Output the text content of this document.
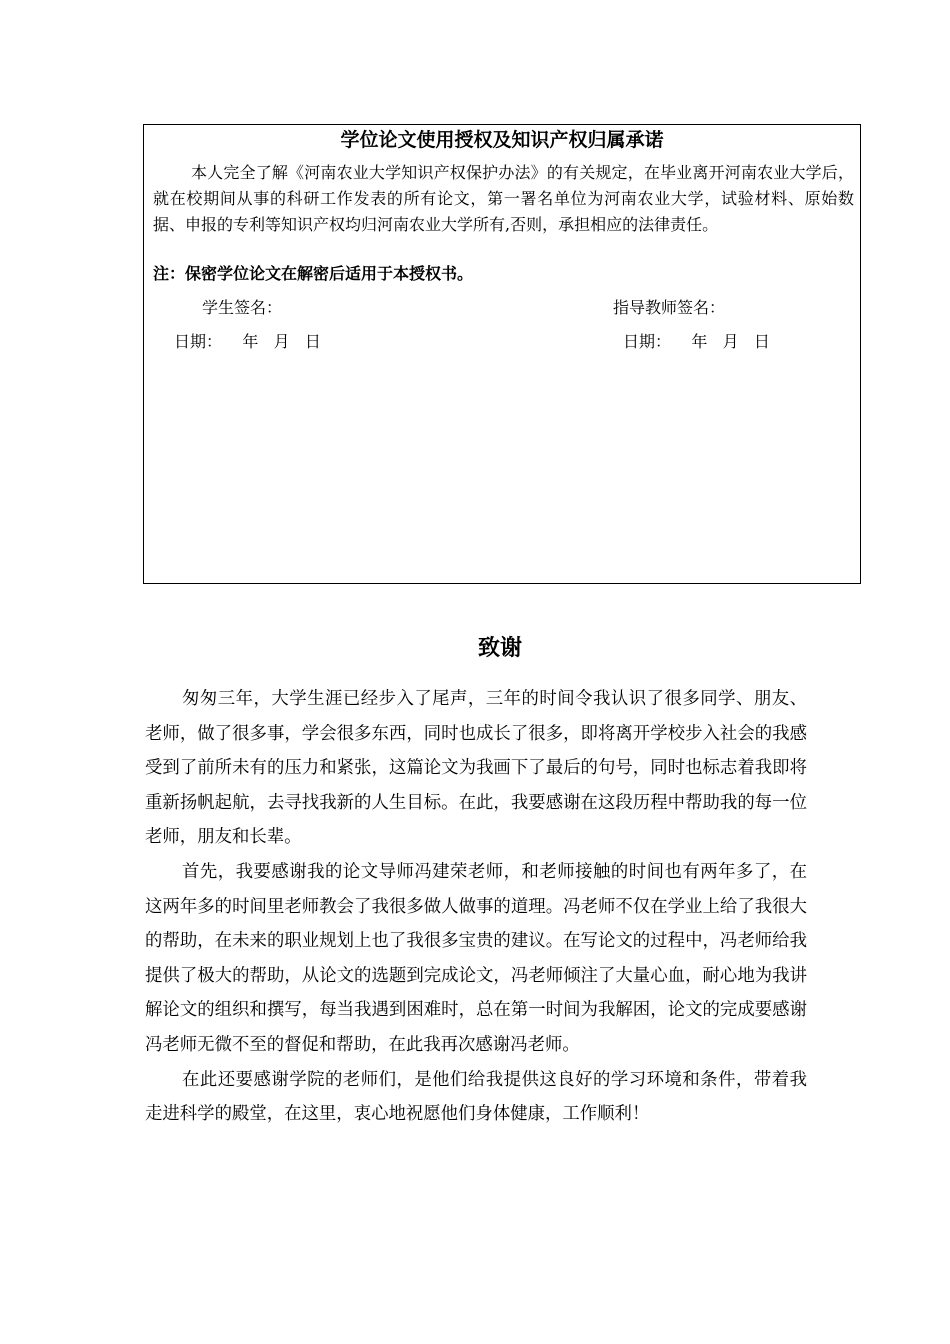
学位论文使用授权及知识产权归属承诺
本人完全了解《河南农业大学知识产权保护办法》的有关规定，在毕业离开河南农业大学后，就在校期间从事的科研工作发表的所有论文，第一署名单位为河南农业大学，试验材料、原始数据、申报的专利等知识产权均归河南农业大学所有,否则，承担相应的法律责任。
注：保密学位论文在解密后适用于本授权书。
学生签名：	指导教师签名：
日期：    年   月   日	日期：    年   月   日
致谢

匆匆三年，大学生涯已经步入了尾声，三年的时间令我认识了很多同学、朋友、老师，做了很多事，学会很多东西，同时也成长了很多，即将离开学校步入社会的我感受到了前所未有的压力和紧张，这篇论文为我画下了最后的句号，同时也标志着我即将重新扬帆起航，去寻找我新的人生目标。在此，我要感谢在这段历程中帮助我的每一位老师，朋友和长辈。

首先，我要感谢我的论文导师冯建荣老师，和老师接触的时间也有两年多了，在这两年多的时间里老师教会了我很多做人做事的道理。冯老师不仅在学业上给了我很大的帮助，在未来的职业规划上也了我很多宝贵的建议。在写论文的过程中，冯老师给我提供了极大的帮助，从论文的选题到完成论文，冯老师倾注了大量心血，耐心地为我讲解论文的组织和撰写，每当我遇到困难时，总在第一时间为我解困，论文的完成要感谢冯老师无微不至的督促和帮助，在此我再次感谢冯老师。

在此还要感谢学院的老师们，是他们给我提供这良好的学习环境和条件，带着我走进科学的殿堂，在这里，衷心地祝愿他们身体健康，工作顺利！
